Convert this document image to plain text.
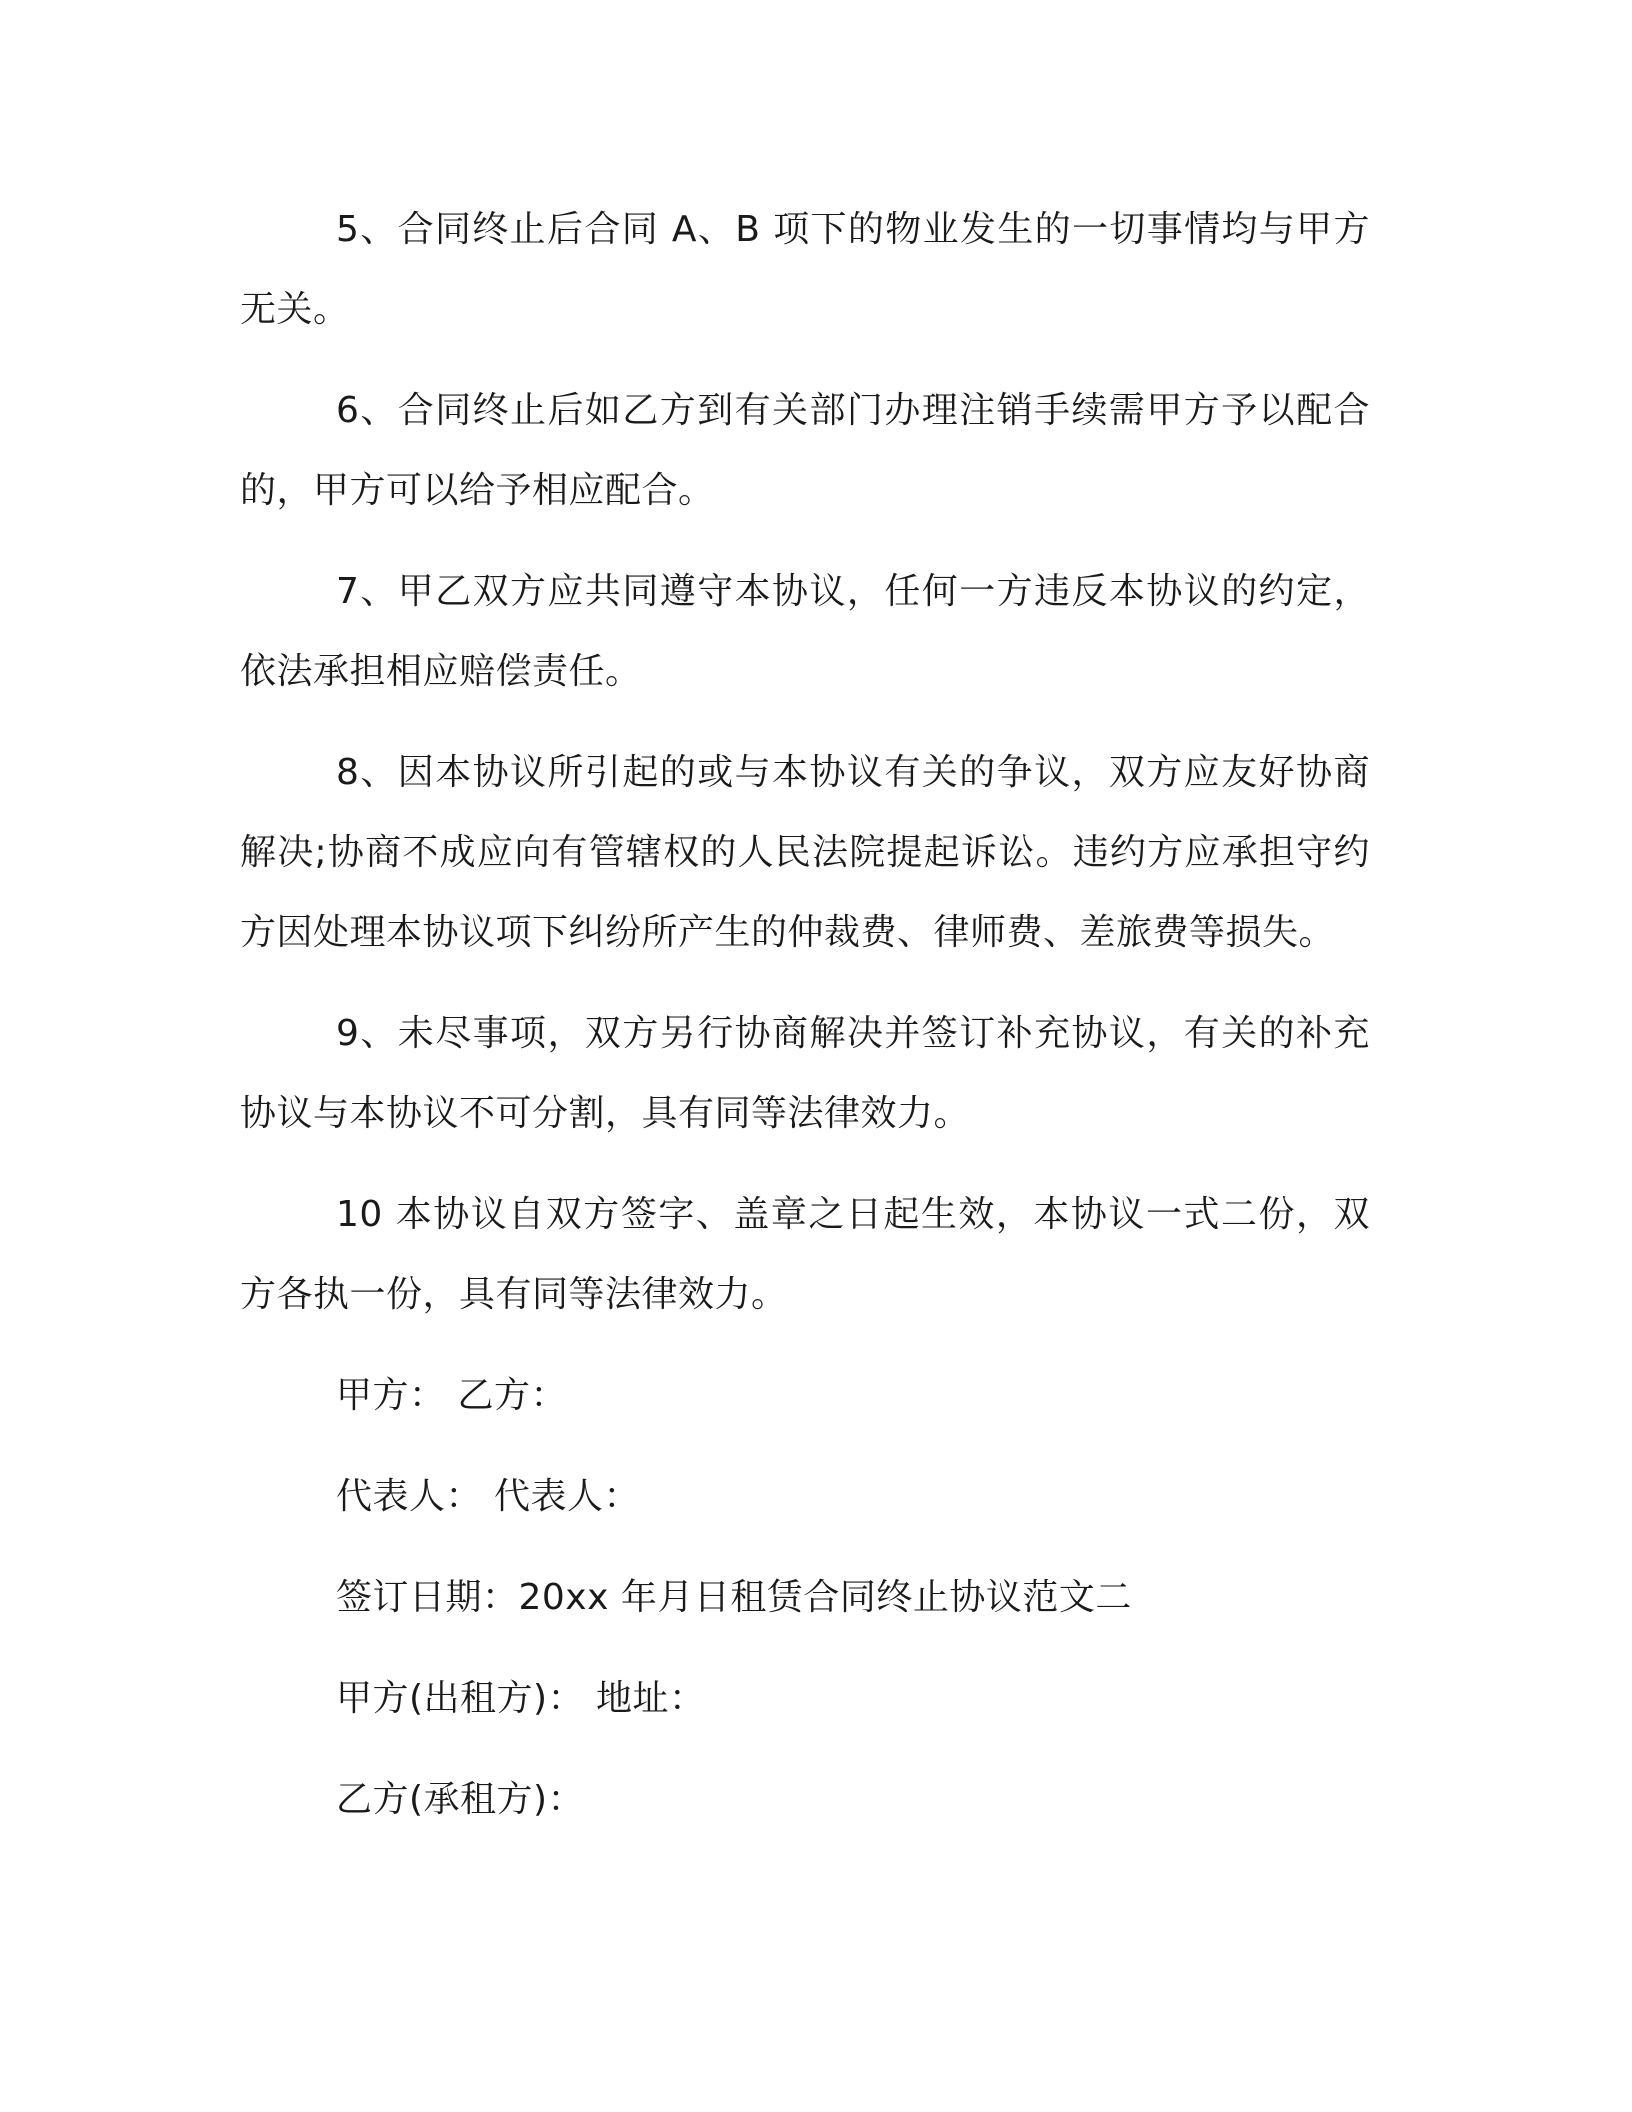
5、合同终止后合同 A、B 项下的物业发生的一切事情均与甲方无关。

6、合同终止后如乙方到有关部门办理注销手续需甲方予以配合的，甲方可以给予相应配合。

7、甲乙双方应共同遵守本协议，任何一方违反本协议的约定，依法承担相应赔偿责任。

8、因本协议所引起的或与本协议有关的争议，双方应友好协商解决;协商不成应向有管辖权的人民法院提起诉讼。违约方应承担守约方因处理本协议项下纠纷所产生的仲裁费、律师费、差旅费等损失。

9、未尽事项，双方另行协商解决并签订补充协议，有关的补充协议与本协议不可分割，具有同等法律效力。

10 本协议自双方签字、盖章之日起生效，本协议一式二份，双方各执一份，具有同等法律效力。

甲方： 乙方：
代表人： 代表人：
签订日期：20xx 年月日租赁合同终止协议范文二
甲方(出租方)： 地址：
乙方(承租方)：
